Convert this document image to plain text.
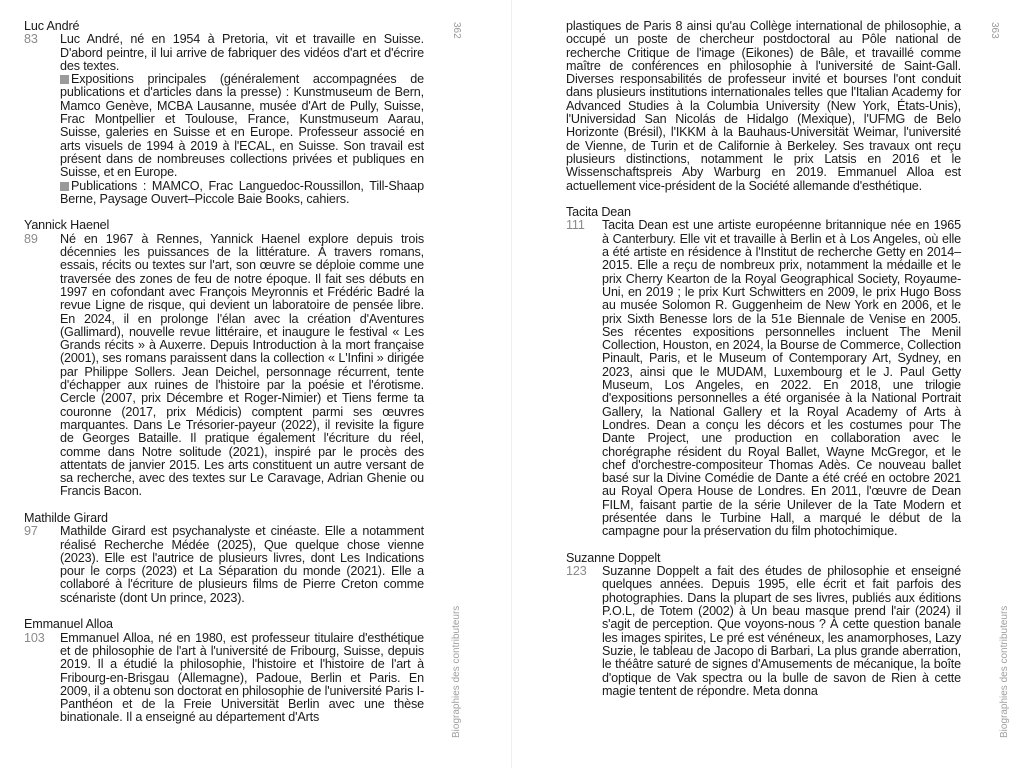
Luc André
83 Luc André, né en 1954 à Pretoria, vit et travaille en Suisse. D'abord peintre, il lui arrive de fabriquer des vidéos d'art et d'écrire des textes.
Expositions principales (généralement accompagnées de publications et d'articles dans la presse) : Kunstmuseum de Bern, Mamco Genève, MCBA Lausanne, musée d'Art de Pully, Suisse, Frac Montpellier et Toulouse, France, Kunstmuseum Aarau, Suisse, galeries en Suisse et en Europe. Professeur associé en arts visuels de 1994 à 2019 à l'ECAL, en Suisse. Son travail est présent dans de nombreuses collections privées et publiques en Suisse, et en Europe.
Publications : MAMCO, Frac Languedoc-Roussillon, Till-Shaap Berne, Paysage Ouvert–Piccole Baie Books, cahiers.
Yannick Haenel
89 Né en 1967 à Rennes, Yannick Haenel explore depuis trois décennies les puissances de la littérature. À travers romans, essais, récits ou textes sur l'art, son œuvre se déploie comme une traversée des zones de feu de notre époque. Il fait ses débuts en 1997 en cofondant avec François Meyronnis et Frédéric Badré la revue Ligne de risque, qui devient un laboratoire de pensée libre. En 2024, il en prolonge l'élan avec la création d'Aventures (Gallimard), nouvelle revue littéraire, et inaugure le festival « Les Grands récits » à Auxerre. Depuis Introduction à la mort française (2001), ses romans paraissent dans la collection « L'Infini » dirigée par Philippe Sollers. Jean Deichel, personnage récurrent, tente d'échapper aux ruines de l'histoire par la poésie et l'érotisme. Cercle (2007, prix Décembre et Roger-Nimier) et Tiens ferme ta couronne (2017, prix Médicis) comptent parmi ses œuvres marquantes. Dans Le Trésorier-payeur (2022), il revisite la figure de Georges Bataille. Il pratique également l'écriture du réel, comme dans Notre solitude (2021), inspiré par le procès des attentats de janvier 2015. Les arts constituent un autre versant de sa recherche, avec des textes sur Le Caravage, Adrian Ghenie ou Francis Bacon.
Mathilde Girard
97 Mathilde Girard est psychanalyste et cinéaste. Elle a notamment réalisé Recherche Médée (2025), Que quelque chose vienne (2023). Elle est l'autrice de plusieurs livres, dont Les Indications pour le corps (2023) et La Séparation du monde (2021). Elle a collaboré à l'écriture de plusieurs films de Pierre Creton comme scénariste (dont Un prince, 2023).
Emmanuel Alloa
103 Emmanuel Alloa, né en 1980, est professeur titulaire d'esthétique et de philosophie de l'art à l'université de Fribourg, Suisse, depuis 2019. Il a étudié la philosophie, l'histoire et l'histoire de l'art à Fribourg-en-Brisgau (Allemagne), Padoue, Berlin et Paris. En 2009, il a obtenu son doctorat en philosophie de l'université Paris I-Panthéon et de la Freie Universität Berlin avec une thèse binationale. Il a enseigné au département d'Arts
362
Biographies des contributeurs
plastiques de Paris 8 ainsi qu'au Collège international de philosophie, a occupé un poste de chercheur postdoctoral au Pôle national de recherche Critique de l'image (Eikones) de Bâle, et travaillé comme maître de conférences en philosophie à l'université de Saint-Gall. Diverses responsabilités de professeur invité et bourses l'ont conduit dans plusieurs institutions internationales telles que l'Italian Academy for Advanced Studies à la Columbia University (New York, États-Unis), l'Universidad San Nicolás de Hidalgo (Mexique), l'UFMG de Belo Horizonte (Brésil), l'IKKM à la Bauhaus-Universität Weimar, l'université de Vienne, de Turin et de Californie à Berkeley. Ses travaux ont reçu plusieurs distinctions, notamment le prix Latsis en 2016 et le Wissenschaftspreis Aby Warburg en 2019. Emmanuel Alloa est actuellement vice-président de la Société allemande d'esthétique.
Tacita Dean
111 Tacita Dean est une artiste européenne britannique née en 1965 à Canterbury. Elle vit et travaille à Berlin et à Los Angeles, où elle a été artiste en résidence à l'Institut de recherche Getty en 2014–2015. Elle a reçu de nombreux prix, notamment la médaille et le prix Cherry Kearton de la Royal Geographical Society, Royaume-Uni, en 2019 ; le prix Kurt Schwitters en 2009, le prix Hugo Boss au musée Solomon R. Guggenheim de New York en 2006, et le prix Sixth Benesse lors de la 51e Biennale de Venise en 2005. Ses récentes expositions personnelles incluent The Menil Collection, Houston, en 2024, la Bourse de Commerce, Collection Pinault, Paris, et le Museum of Contemporary Art, Sydney, en 2023, ainsi que le MUDAM, Luxembourg et le J. Paul Getty Museum, Los Angeles, en 2022. En 2018, une trilogie d'expositions personnelles a été organisée à la National Portrait Gallery, la National Gallery et la Royal Academy of Arts à Londres. Dean a conçu les décors et les costumes pour The Dante Project, une production en collaboration avec le chorégraphe résident du Royal Ballet, Wayne McGregor, et le chef d'orchestre-compositeur Thomas Adès. Ce nouveau ballet basé sur la Divine Comédie de Dante a été créé en octobre 2021 au Royal Opera House de Londres. En 2011, l'œuvre de Dean FILM, faisant partie de la série Unilever de la Tate Modern et présentée dans le Turbine Hall, a marqué le début de la campagne pour la préservation du film photochimique.
Suzanne Doppelt
123 Suzanne Doppelt a fait des études de philosophie et enseigné quelques années. Depuis 1995, elle écrit et fait parfois des photographies. Dans la plupart de ses livres, publiés aux éditions P.O.L, de Totem (2002) à Un beau masque prend l'air (2024) il s'agit de perception. Que voyons-nous ? À cette question banale les images spirites, Le pré est vénéneux, les anamorphoses, Lazy Suzie, le tableau de Jacopo di Barbari, La plus grande aberration, le théâtre saturé de signes d'Amusements de mécanique, la boîte d'optique de Vak spectra ou la bulle de savon de Rien à cette magie tentent de répondre. Meta donna
363
Biographies des contributeurs
